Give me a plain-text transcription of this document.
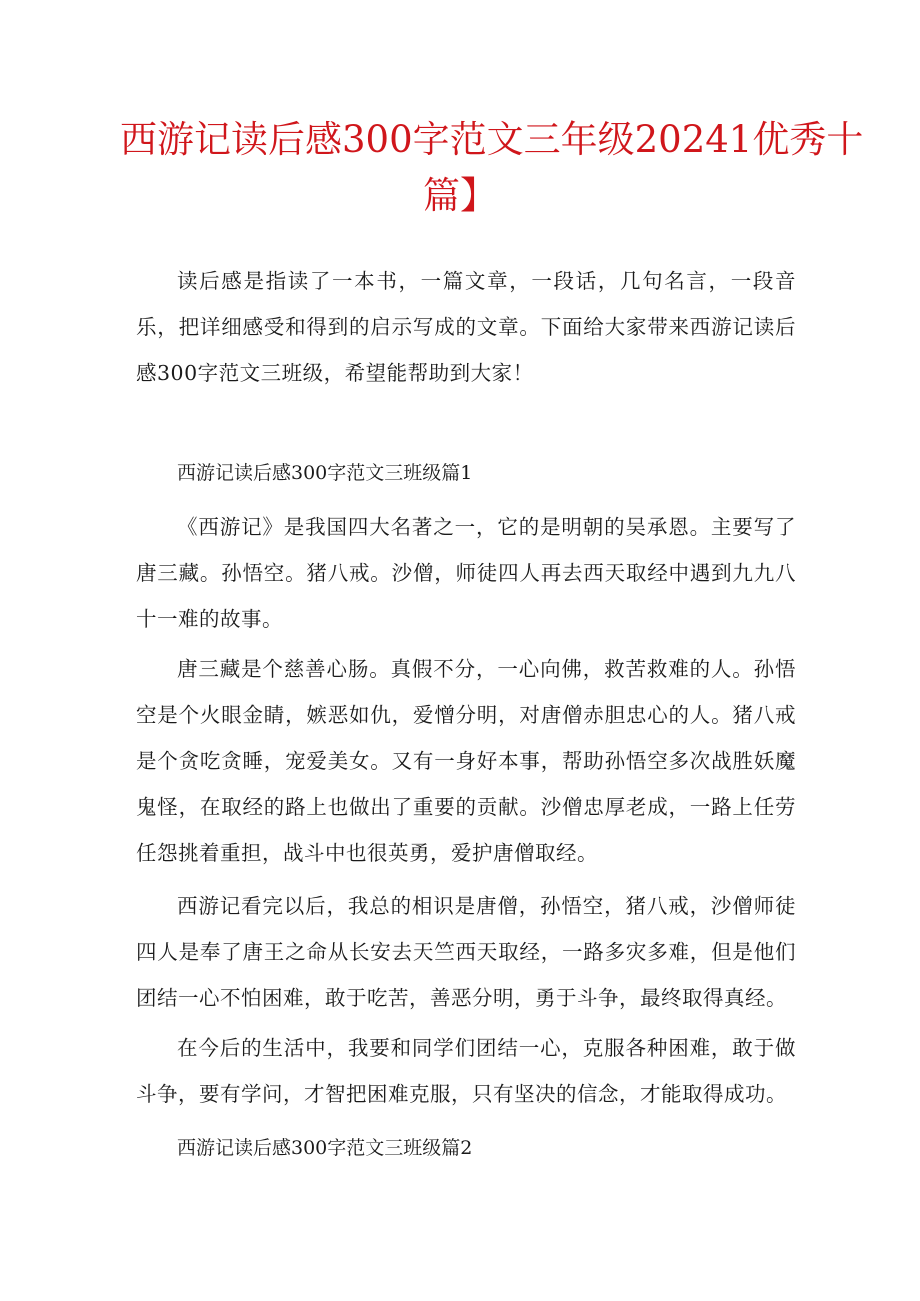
西游记读后感300字范文三年级20241优秀十
篇】

读后感是指读了一本书，一篇文章，一段话，几句名言，一段音乐，把详细感受和得到的启示写成的文章。下面给大家带来西游记读后感300字范文三班级，希望能帮助到大家！

西游记读后感300字范文三班级篇1

《西游记》是我国四大名著之一，它的是明朝的吴承恩。主要写了唐三藏。孙悟空。猪八戒。沙僧，师徒四人再去西天取经中遇到九九八十一难的故事。

唐三藏是个慈善心肠。真假不分，一心向佛，救苦救难的人。孙悟空是个火眼金睛，嫉恶如仇，爱憎分明，对唐僧赤胆忠心的人。猪八戒是个贪吃贪睡，宠爱美女。又有一身好本事，帮助孙悟空多次战胜妖魔鬼怪，在取经的路上也做出了重要的贡献。沙僧忠厚老成，一路上任劳任怨挑着重担，战斗中也很英勇，爱护唐僧取经。

西游记看完以后，我总的相识是唐僧，孙悟空，猪八戒，沙僧师徒四人是奉了唐王之命从长安去天竺西天取经，一路多灾多难，但是他们团结一心不怕困难，敢于吃苦，善恶分明，勇于斗争，最终取得真经。

在今后的生活中，我要和同学们团结一心，克服各种困难，敢于做斗争，要有学问，才智把困难克服，只有坚决的信念，才能取得成功。

西游记读后感300字范文三班级篇2
